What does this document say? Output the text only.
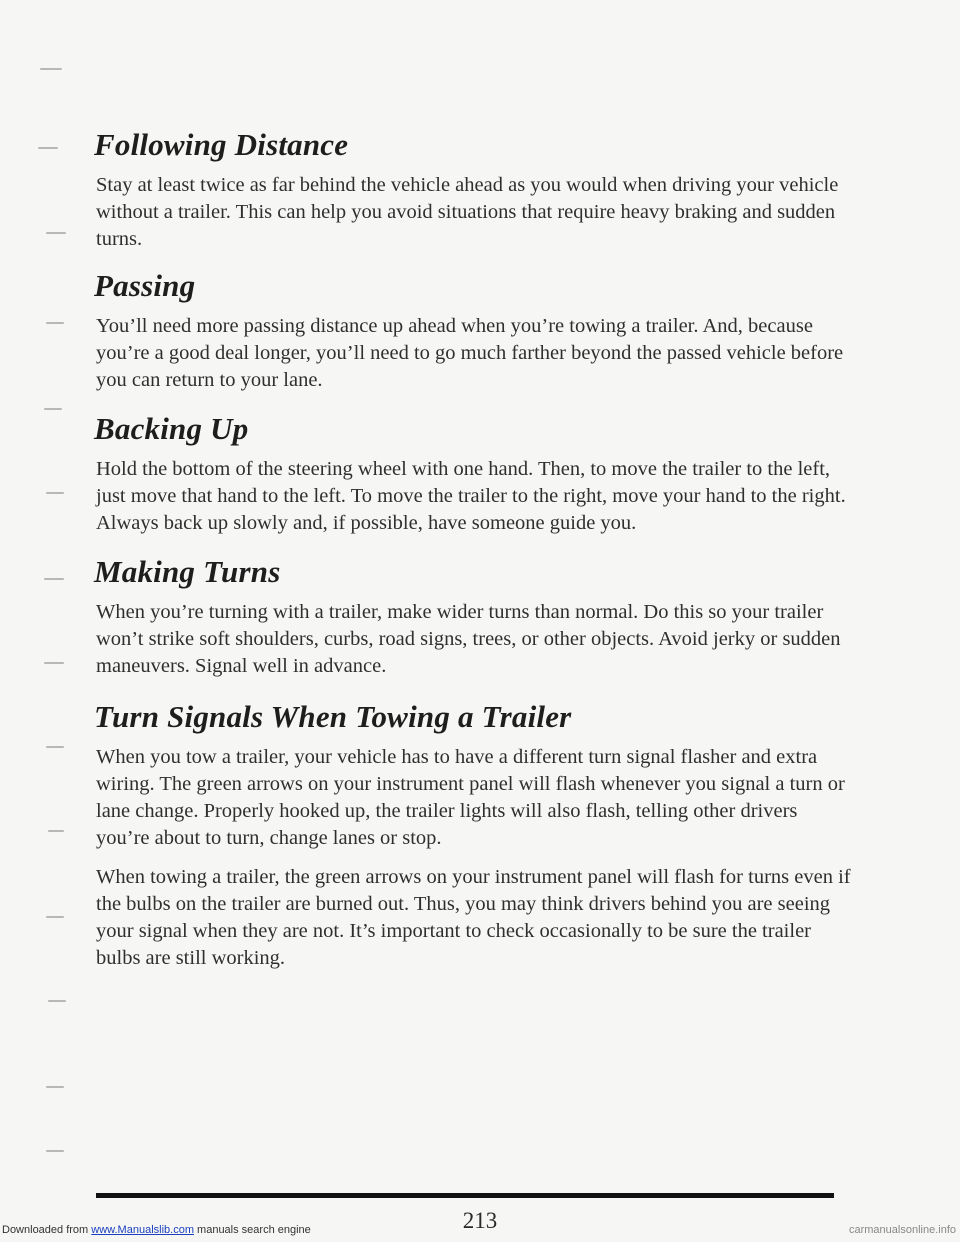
Following Distance

Stay at least twice as far behind the vehicle ahead as you would when driving your vehicle without a trailer. This can help you avoid situations that require heavy braking and sudden turns.

Passing

You’ll need more passing distance up ahead when you’re towing a trailer. And, because you’re a good deal longer, you’ll need to go much farther beyond the passed vehicle before you can return to your lane.

Backing Up

Hold the bottom of the steering wheel with one hand. Then, to move the trailer to the left, just move that hand to the left. To move the trailer to the right, move your hand to the right. Always back up slowly and, if possible, have someone guide you.

Making Turns

When you’re turning with a trailer, make wider turns than normal. Do this so your trailer won’t strike soft shoulders, curbs, road signs, trees, or other objects. Avoid jerky or sudden maneuvers. Signal well in advance.

Turn Signals When Towing a Trailer

When you tow a trailer, your vehicle has to have a different turn signal flasher and extra wiring. The green arrows on your instrument panel will flash whenever you signal a turn or lane change. Properly hooked up, the trailer lights will also flash, telling other drivers you’re about to turn, change lanes or stop.

When towing a trailer, the green arrows on your instrument panel will flash for turns even if the bulbs on the trailer are burned out. Thus, you may think drivers behind you are seeing your signal when they are not. It’s important to check occasionally to be sure the trailer bulbs are still working.

213
Downloaded from www.Manualslib.com manuals search engine	carmanualsonline.info
